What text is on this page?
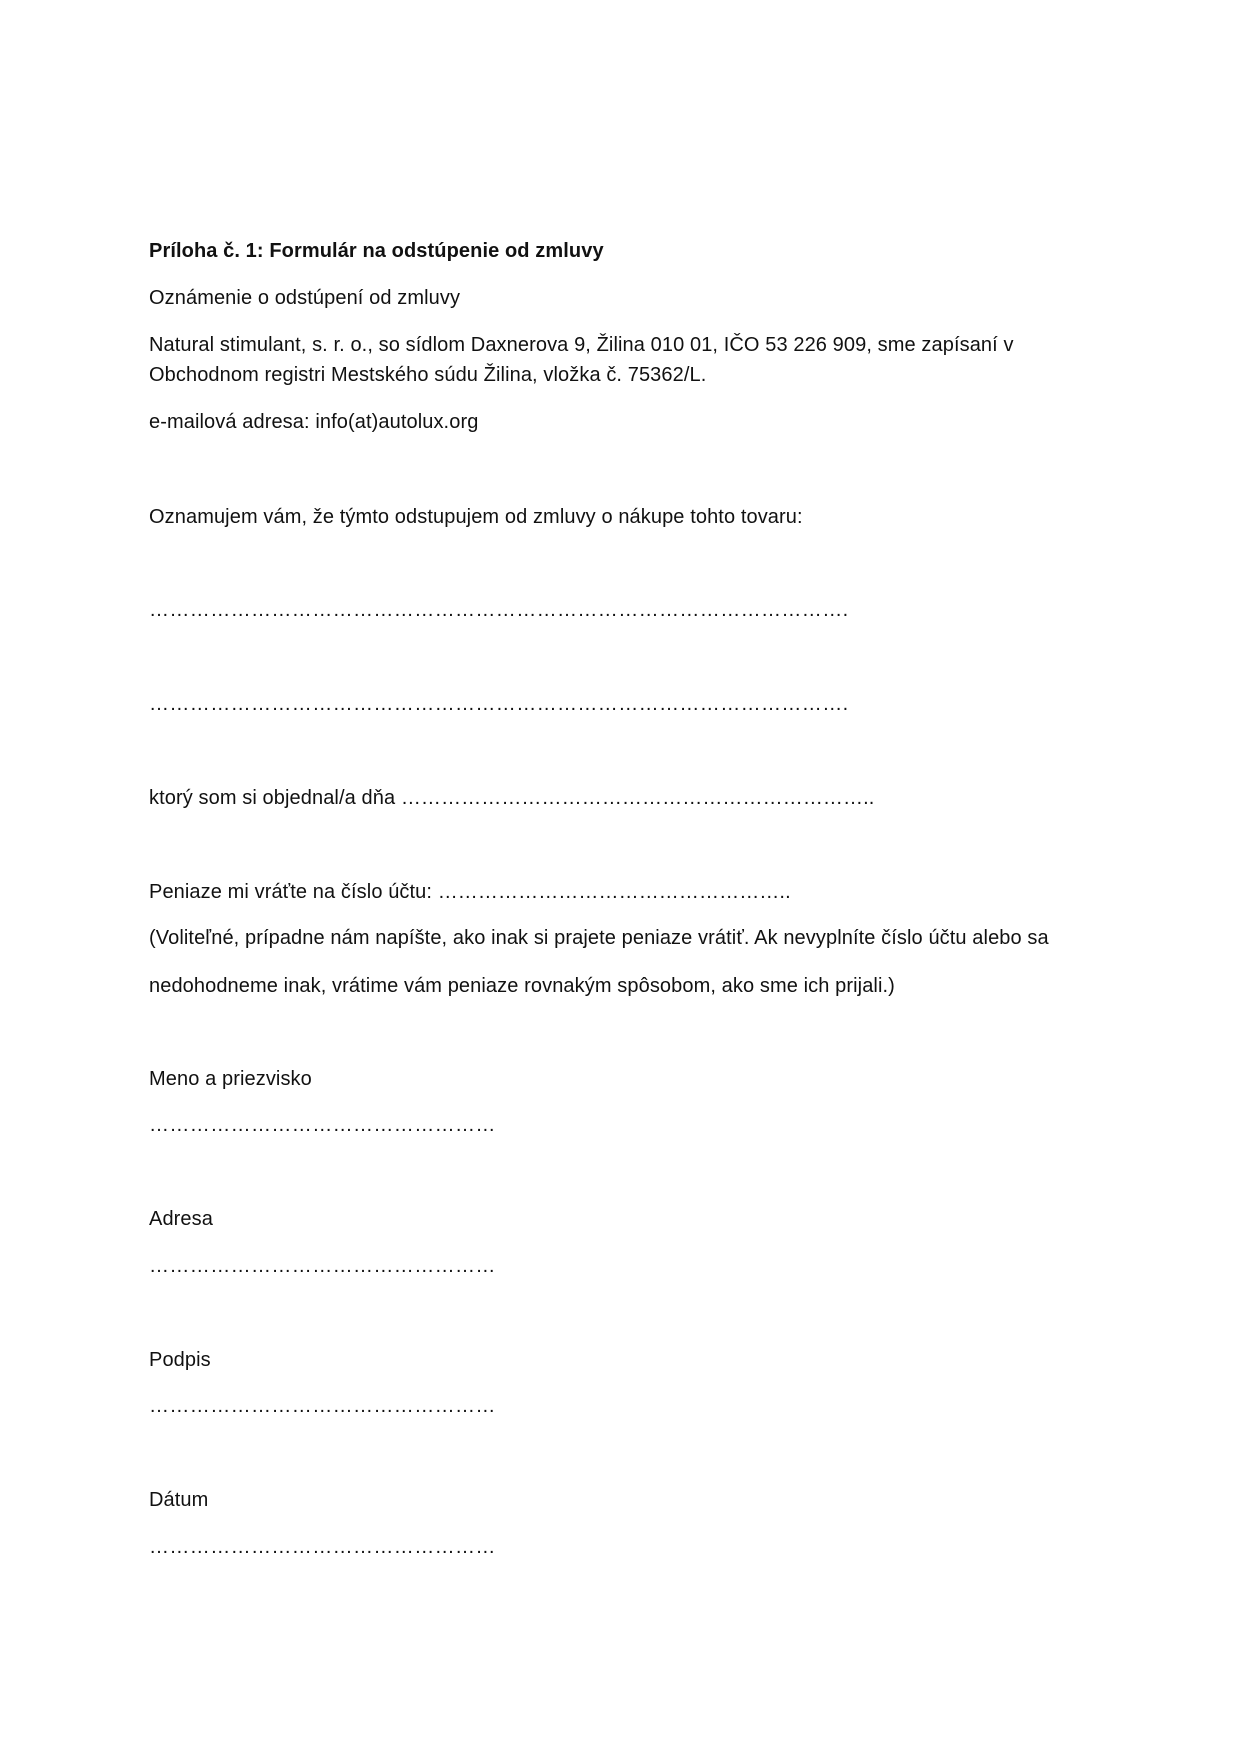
Príloha č. 1: Formulár na odstúpenie od zmluvy
Oznámenie o odstúpení od zmluvy
Natural stimulant, s. r. o., so sídlom Daxnerova 9, Žilina 010 01, IČO 53 226 909, sme zapísaní v
Obchodnom registri Mestského súdu Žilina, vložka č. 75362/L.
e-mailová adresa: info(at)autolux.org
Oznamujem vám, že týmto odstupujem od zmluvy o nákupe tohto tovaru:
………………………………………………………………………………………….
………………………………………………………………………………………….
ktorý som si objednal/a dňa ……………………………………………………………..
Peniaze mi vráťte na číslo účtu: ……………………………………………..
(Voliteľné, prípadne nám napíšte, ako inak si prajete peniaze vrátiť. Ak nevyplníte číslo účtu alebo sa
nedohodneme inak, vrátime vám peniaze rovnakým spôsobom, ako sme ich prijali.)
Meno a priezvisko
……………………………………………
Adresa
……………………………………………
Podpis
……………………………………………
Dátum
……………………………………………
